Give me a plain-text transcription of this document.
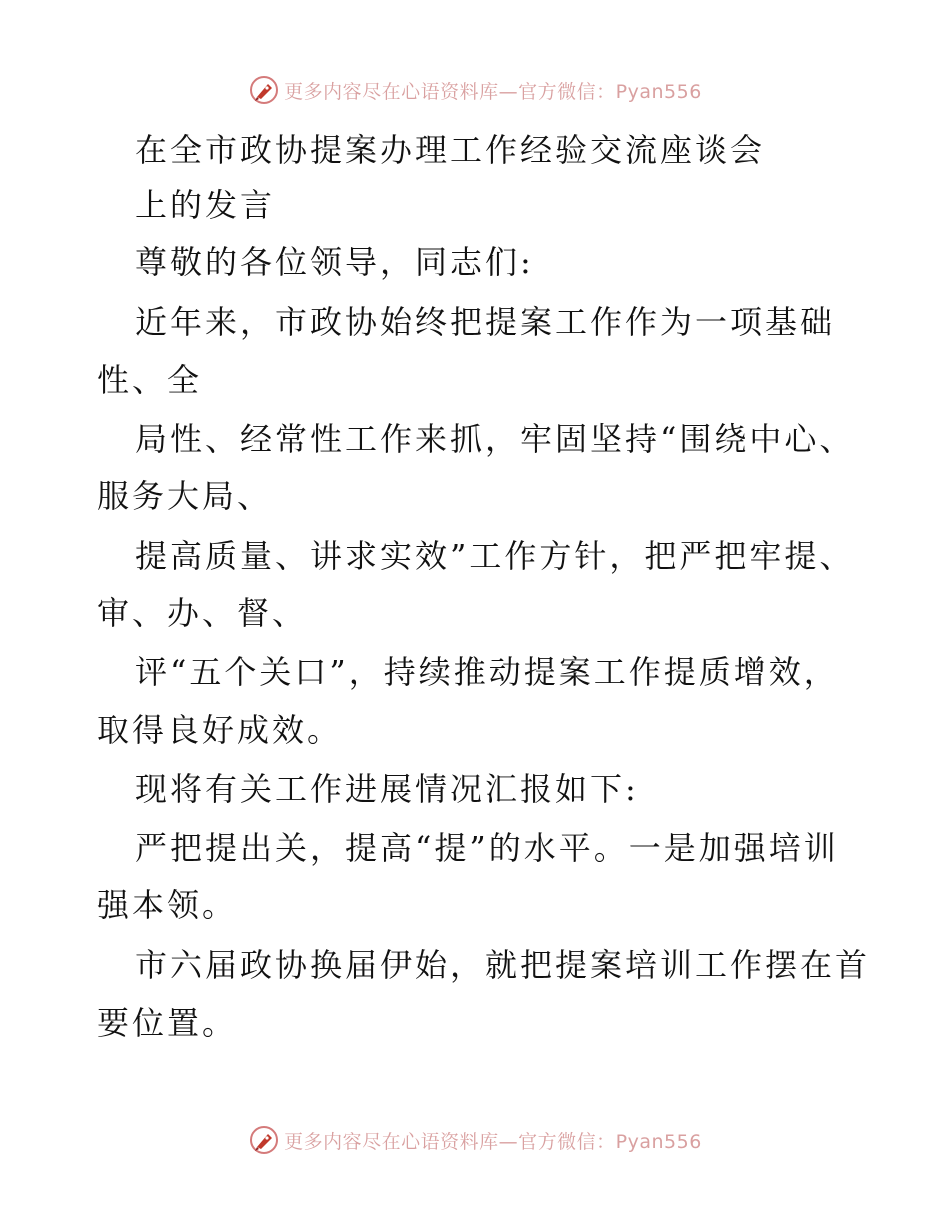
更多内容尽在心语资料库—官方微信：Pyan556
在全市政协提案办理工作经验交流座谈会
上的发言
尊敬的各位领导，同志们:
近年来，市政协始终把提案工作作为一项基础
性、全
局性、经常性工作来抓，牢固坚持“围绕中心、
服务大局、
提高质量、讲求实效”工作方针，把严把牢提、
审、办、督、
评“五个关口”，持续推动提案工作提质增效，
取得良好成效。
现将有关工作进展情况汇报如下:
严把提出关，提高“提”的水平。一是加强培训
强本领。
市六届政协换届伊始，就把提案培训工作摆在首
要位置。
更多内容尽在心语资料库—官方微信：Pyan556
